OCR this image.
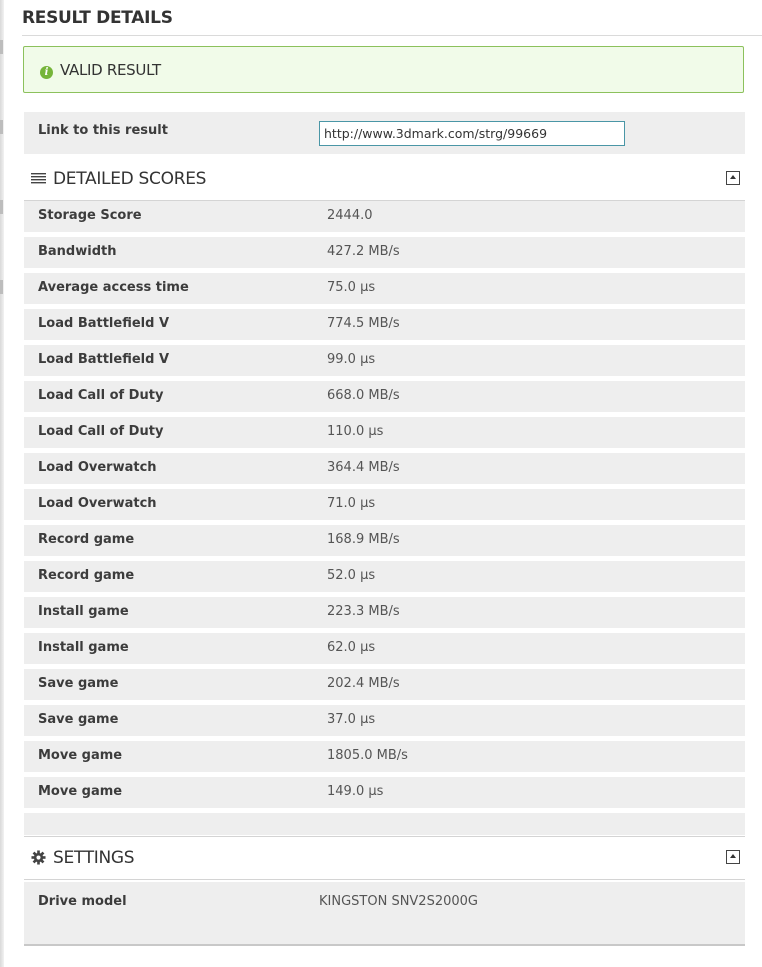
RESULT DETAILS
i VALID RESULT
Link to this result
http://www.3dmark.com/strg/99669
DETAILED SCORES
Storage Score	2444.0
Bandwidth	427.2 MB/s
Average access time	75.0 μs
Load Battlefield V	774.5 MB/s
Load Battlefield V	99.0 μs
Load Call of Duty	668.0 MB/s
Load Call of Duty	110.0 μs
Load Overwatch	364.4 MB/s
Load Overwatch	71.0 μs
Record game	168.9 MB/s
Record game	52.0 μs
Install game	223.3 MB/s
Install game	62.0 μs
Save game	202.4 MB/s
Save game	37.0 μs
Move game	1805.0 MB/s
Move game	149.0 μs
SETTINGS
Drive model	KINGSTON SNV2S2000G
